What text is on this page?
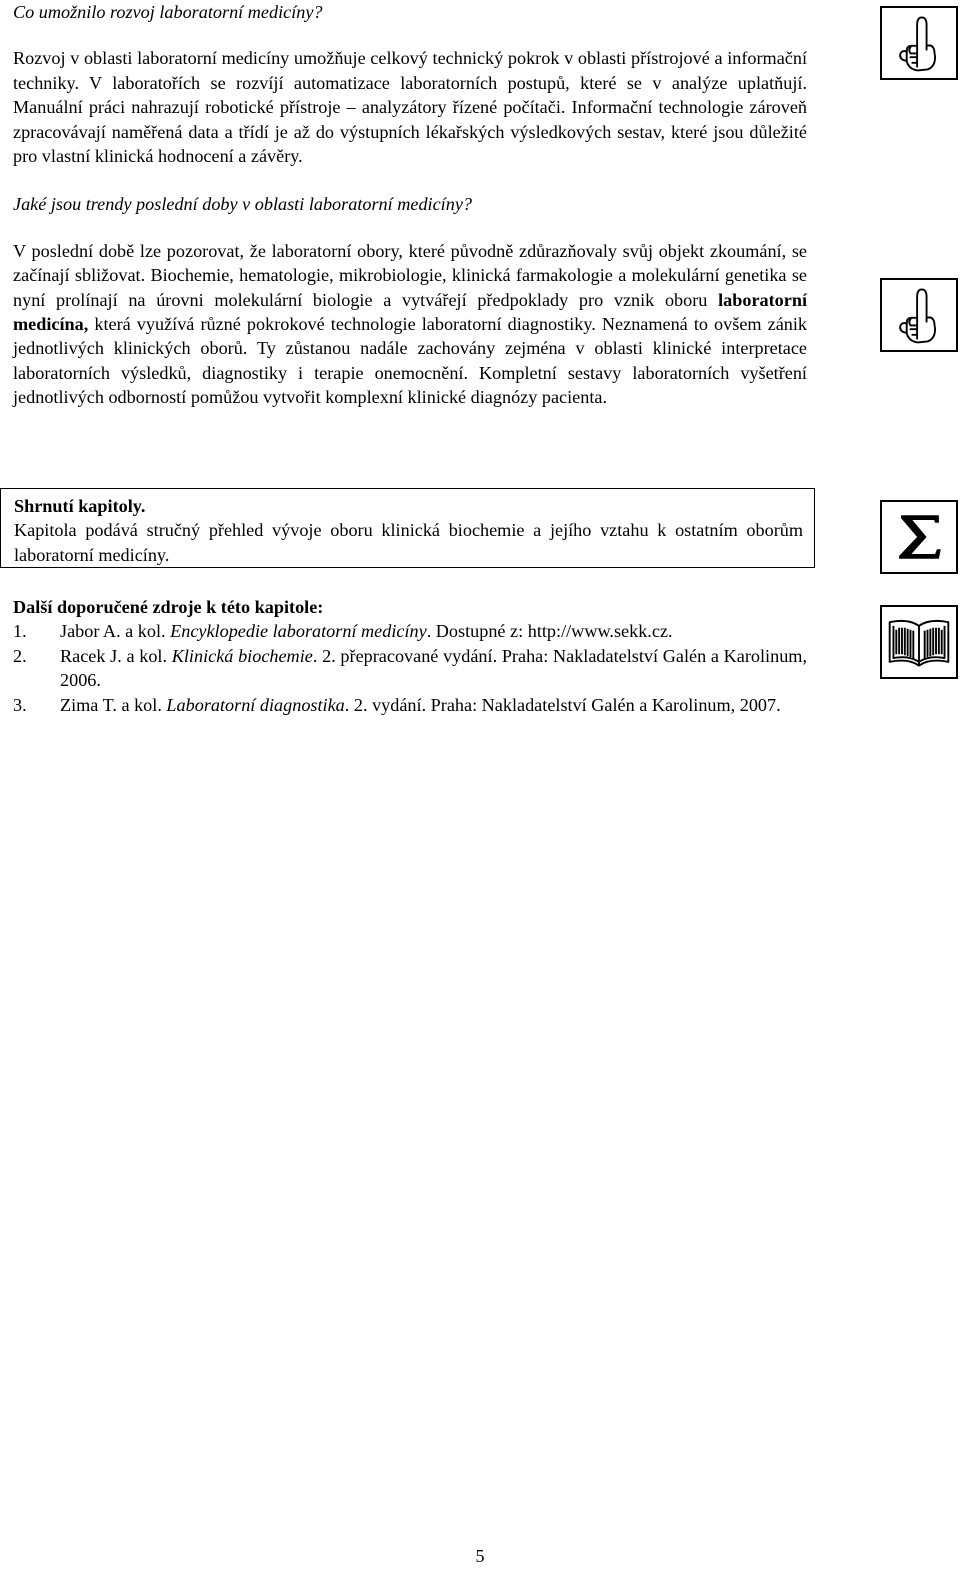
Co umožnilo rozvoj laboratorní medicíny?

Rozvoj v oblasti laboratorní medicíny umožňuje celkový technický pokrok v oblasti přístrojové a informační techniky. V laboratořích se rozvíjí automatizace laboratorních postupů, které se v analýze uplatňují. Manuální práci nahrazují robotické přístroje – analyzátory řízené počítači. Informační technologie zároveň zpracovávají naměřená data a třídí je až do výstupních lékařských výsledkových sestav, které jsou důležité pro vlastní klinická hodnocení a závěry.

Jaké jsou trendy poslední doby v oblasti laboratorní medicíny?

V poslední době lze pozorovat, že laboratorní obory, které původně zdůrazňovaly svůj objekt zkoumání, se začínají sbližovat. Biochemie, hematologie, mikrobiologie, klinická farmakologie a molekulární genetika se nyní prolínají na úrovni molekulární biologie a vytvářejí předpoklady pro vznik oboru laboratorní medicína, která využívá různé pokrokové technologie laboratorní diagnostiky. Neznamená to ovšem zánik jednotlivých klinických oborů. Ty zůstanou nadále zachovány zejména v oblasti klinické interpretace laboratorních výsledků, diagnostiky i terapie onemocnění. Kompletní sestavy laboratorních vyšetření jednotlivých odborností pomůžou vytvořit komplexní klinické diagnózy pacienta.

Shrnutí kapitoly.

Kapitola podává stručný přehled vývoje oboru klinická biochemie a jejího vztahu k ostatním oborům laboratorní medicíny.

Další doporučené zdroje k této kapitole:

1.	Jabor A. a kol. Encyklopedie laboratorní medicíny. Dostupné z: http://www.sekk.cz.
2.	Racek J. a kol. Klinická biochemie. 2. přepracované vydání. Praha: Nakladatelství Galén a Karolinum, 2006.
3.	Zima T. a kol. Laboratorní diagnostika. 2. vydání. Praha: Nakladatelství Galén a Karolinum, 2007.
5
